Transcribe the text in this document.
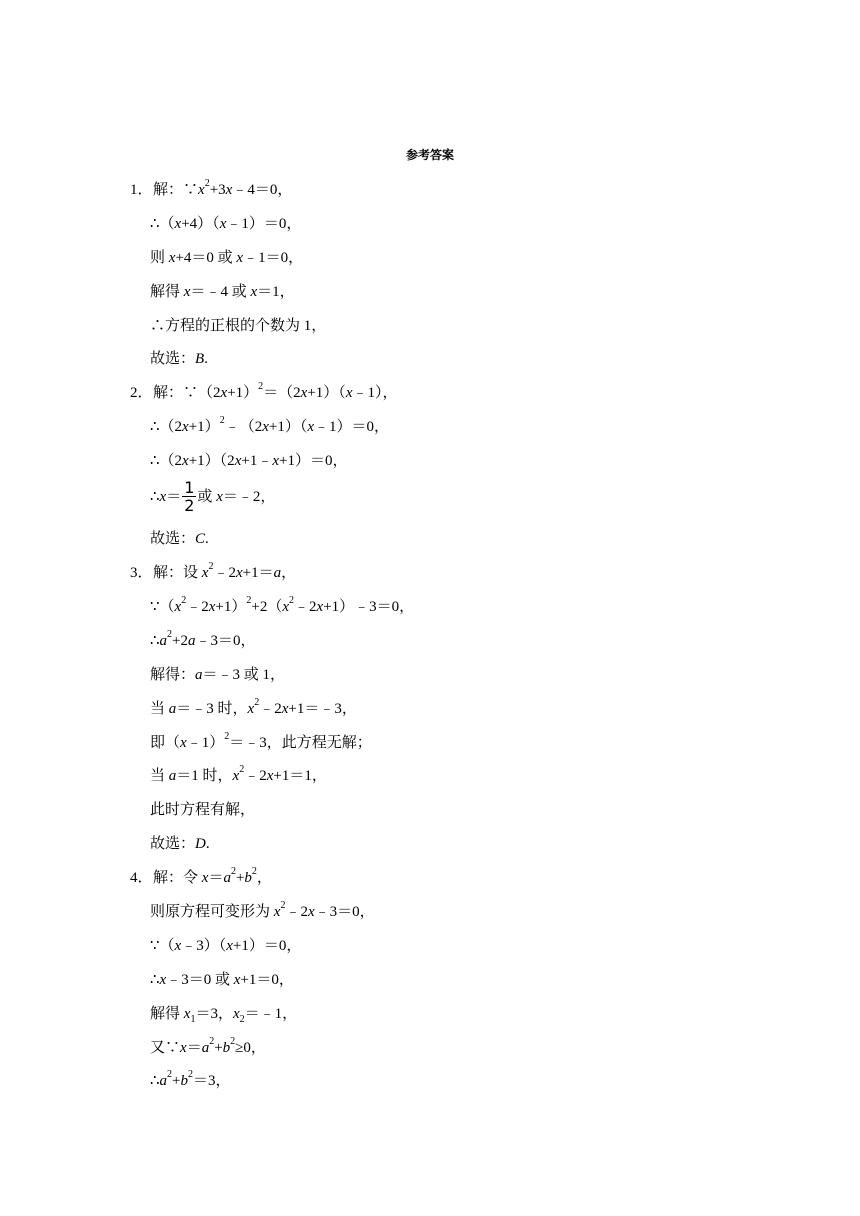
参考答案
1． 解：$\because x^2+3x﹣4=0$，
∴（x+4）（x﹣1）＝0，
则 x+4＝0 或 x﹣1＝0，
解得 x＝﹣4 或 x＝1，
∴方程的正根的个数为 1，
故选：B.
2． 解：$\because(2x+1)^2=(2x+1)(x﹣1)$，
$\therefore(2x+1)^2﹣(2x+1)(x﹣1)=0$，
∴（2x+1）（2x+1﹣x+1）＝0，
∴x＝ $\frac{1}{2}$ 或 x＝﹣2，
故选：C.
3． 解：设 $x^2﹣2x+1=a$，
$\because(x^2﹣2x+1)^2+2(x^2﹣2x+1)﹣3=0$，
$\therefore a^2+2a﹣3=0$，
解得：a＝﹣3 或 1，
当 a＝﹣3 时，$x^2﹣2x+1=﹣3$，
即（x﹣1）$^2$＝﹣3，此方程无解；
当 a＝1 时，$x^2﹣2x+1=1$，
此时方程有解，
故选：D.
4． 解：令 $x=a^2+b^2$，
则原方程可变形为 $x^2﹣2x﹣3=0$，
∵（x﹣3）（x+1）＝0，
∴x﹣3＝0 或 x+1＝0，
解得 $x_1=3$，$x_2=﹣1$，
又$\because x=a^2+b^2\ge 0$，
$\therefore a^2+b^2=3$，
